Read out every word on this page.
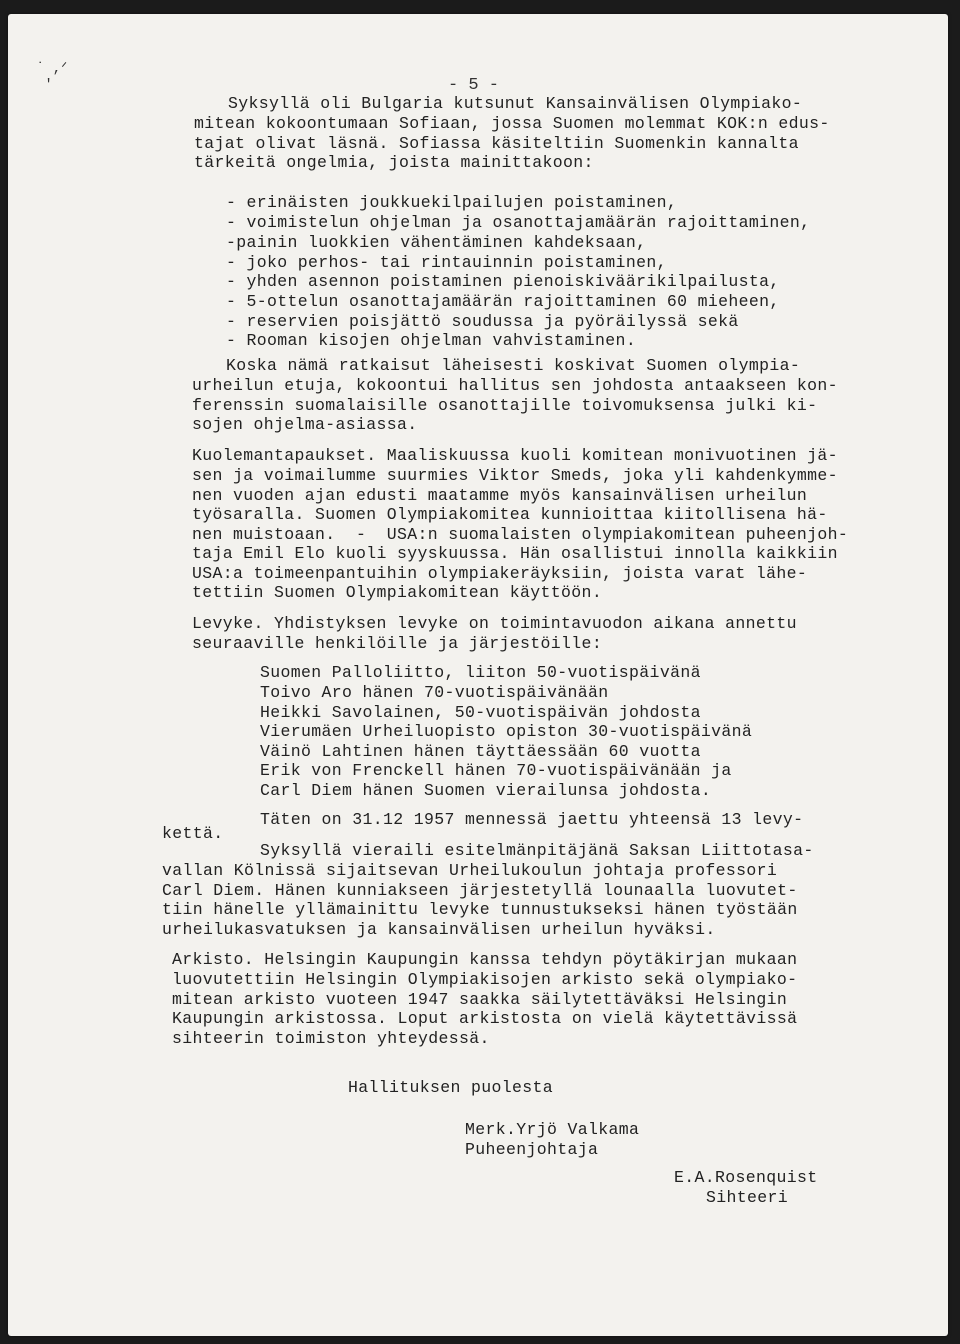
˙ ,ᐟ
'	- 5 -
Syksyllä oli Bulgaria kutsunut Kansainvälisen Olympiako-
mitean kokoontumaan Sofiaan, jossa Suomen molemmat KOK:n edus-
tajat olivat läsnä. Sofiassa käsiteltiin Suomenkin kannalta
tärkeitä ongelmia, joista mainittakoon:
- erinäisten joukkuekilpailujen poistaminen,
- voimistelun ohjelman ja osanottajamäärän rajoittaminen,
-painin luokkien vähentäminen kahdeksaan,
- joko perhos- tai rintauinnin poistaminen,
- yhden asennon poistaminen pienoiskiväärikilpailusta,
- 5-ottelun osanottajamäärän rajoittaminen 60 mieheen,
- reservien poisjättö soudussa ja pyöräilyssä sekä
- Rooman kisojen ohjelman vahvistaminen.
Koska nämä ratkaisut läheisesti koskivat Suomen olympia-
urheilun etuja, kokoontui hallitus sen johdosta antaakseen kon-
ferenssin suomalaisille osanottajille toivomuksensa julki ki-
sojen ohjelma-asiassa.
Kuolemantapaukset. Maaliskuussa kuoli komitean monivuotinen jä-
sen ja voimailumme suurmies Viktor Smeds, joka yli kahdenkymme-
nen vuoden ajan edusti maatamme myös kansainvälisen urheilun
työsaralla. Suomen Olympiakomitea kunnioittaa kiitollisena hä-
nen muistoaan.  -  USA:n suomalaisten olympiakomitean puheenjoh-
taja Emil Elo kuoli syyskuussa. Hän osallistui innolla kaikkiin
USA:a toimeenpantuihin olympiakeräyksiin, joista varat lähe-
tettiin Suomen Olympiakomitean käyttöön.
Levyke. Yhdistyksen levyke on toimintavuodon aikana annettu
seuraaville henkilöille ja järjestöille:
Suomen Palloliitto, liiton 50-vuotispäivänä
Toivo Aro hänen 70-vuotispäivänään
Heikki Savolainen, 50-vuotispäivän johdosta
Vierumäen Urheiluopisto opiston 30-vuotispäivänä
Väinö Lahtinen hänen täyttäessään 60 vuotta
Erik von Frenckell hänen 70-vuotispäivänään ja
Carl Diem hänen Suomen vierailunsa johdosta.
Täten on 31.12 1957 mennessä jaettu yhteensä 13 levy-
kettä.
Syksyllä vieraili esitelmänpitäjänä Saksan Liittotasa-
vallan Kölnissä sijaitsevan Urheilukoulun johtaja professori
Carl Diem. Hänen kunniakseen järjestetyllä lounaalla luovutet-
tiin hänelle yllämainittu levyke tunnustukseksi hänen työstään
urheilukasvatuksen ja kansainvälisen urheilun hyväksi.
Arkisto. Helsingin Kaupungin kanssa tehdyn pöytäkirjan mukaan
luovutettiin Helsingin Olympiakisojen arkisto sekä olympiako-
mitean arkisto vuoteen 1947 saakka säilytettäväksi Helsingin
Kaupungin arkistossa. Loput arkistosta on vielä käytettävissä
sihteerin toimiston yhteydessä.
Hallituksen puolesta
Merk.Yrjö Valkama
Puheenjohtaja
E.A.Rosenquist
Sihteeri
